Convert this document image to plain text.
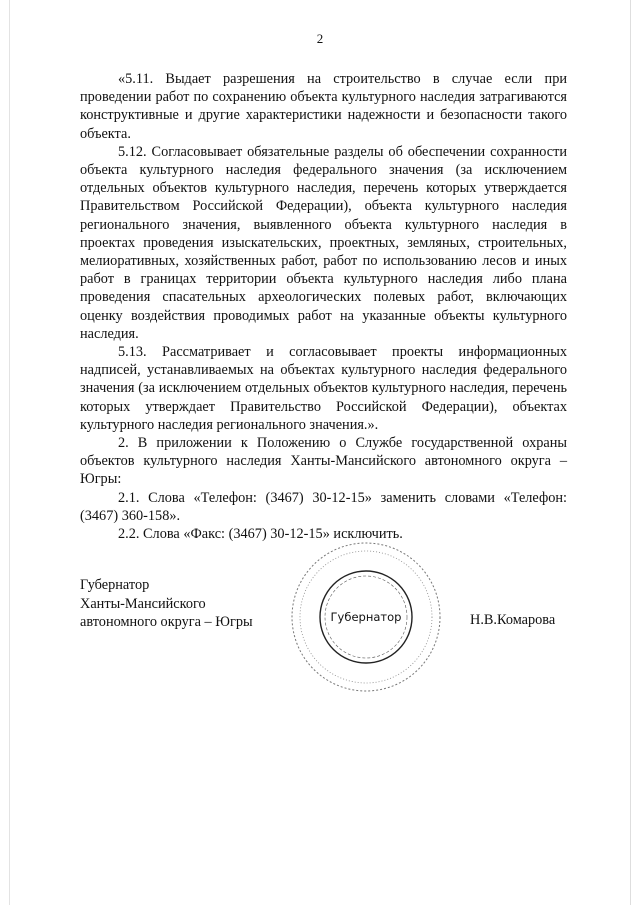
2

«5.11. Выдает разрешения на строительство в случае если при проведении работ по сохранению объекта культурного наследия затрагиваются конструктивные и другие характеристики надежности и безопасности такого объекта.

5.12. Согласовывает обязательные разделы об обеспечении сохранности объекта культурного наследия федерального значения (за исключением отдельных объектов культурного наследия, перечень которых утверждается Правительством Российской Федерации), объекта культурного наследия регионального значения, выявленного объекта культурного наследия в проектах проведения изыскательских, проектных, земляных, строительных, мелиоративных, хозяйственных работ, работ по использованию лесов и иных работ в границах территории объекта культурного наследия либо плана проведения спасательных археологических полевых работ, включающих оценку воздействия проводимых работ на указанные объекты культурного наследия.

5.13. Рассматривает и согласовывает проекты информационных надписей, устанавливаемых на объектах культурного наследия федерального значения (за исключением отдельных объектов культурного наследия, перечень которых утверждает Правительство Российской Федерации), объектах культурного наследия регионального значения.».

2. В приложении к Положению о Службе государственной охраны объектов культурного наследия Ханты-Мансийского автономного округа – Югры:

2.1. Слова «Телефон: (3467) 30-12-15» заменить словами «Телефон: (3467) 360-158».

2.2. Слова «Факс: (3467) 30-12-15» исключить.

Губернатор
Ханты-Мансийского
автономного округа – Югры	Н.В.Комарова
Губернатор
